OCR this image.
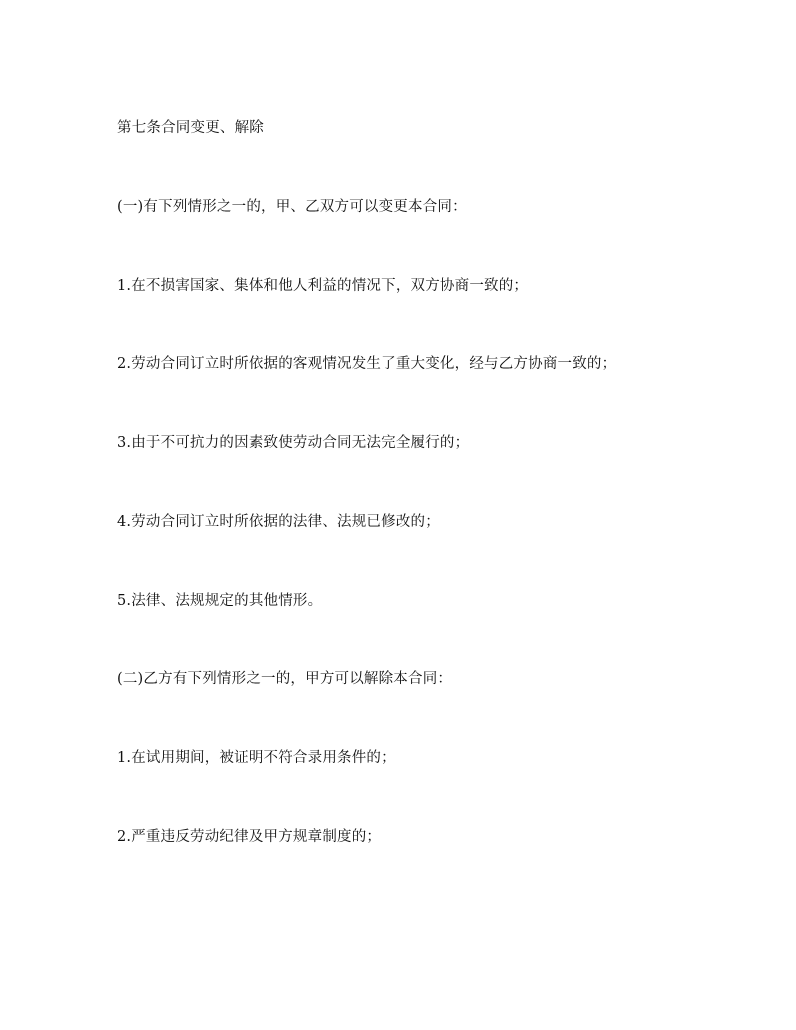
第七条合同变更、解除

(一)有下列情形之一的，甲、乙双方可以变更本合同：

1.在不损害国家、集体和他人利益的情况下，双方协商一致的；

2.劳动合同订立时所依据的客观情况发生了重大变化，经与乙方协商一致的；

3.由于不可抗力的因素致使劳动合同无法完全履行的；

4.劳动合同订立时所依据的法律、法规已修改的；

5.法律、法规规定的其他情形。

(二)乙方有下列情形之一的，甲方可以解除本合同：

1.在试用期间，被证明不符合录用条件的；

2.严重违反劳动纪律及甲方规章制度的；
